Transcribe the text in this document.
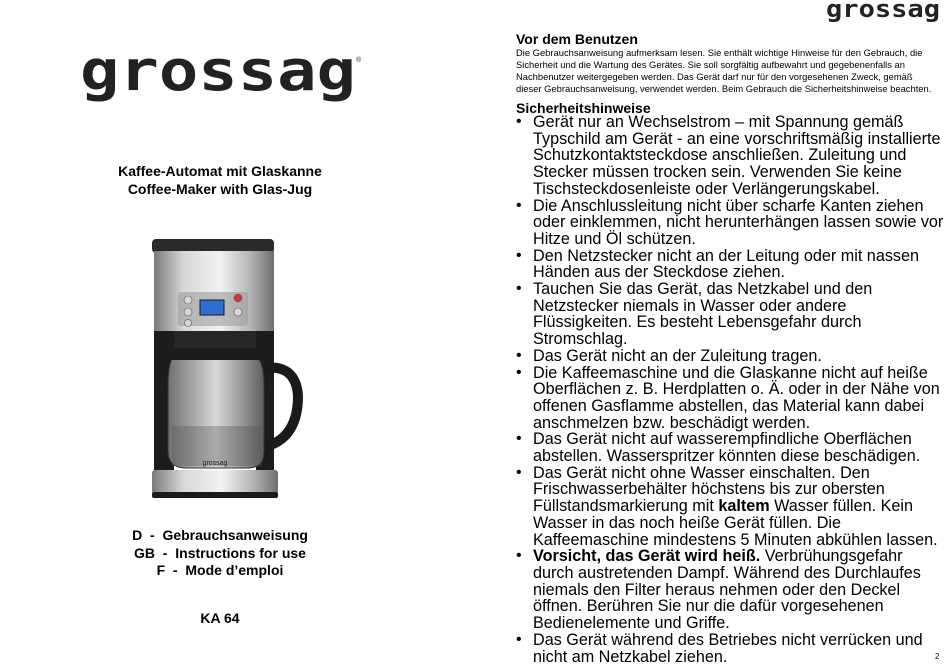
grossag ®
Kaffee-Automat mit Glaskanne
Coffee-Maker with Glas-Jug
grossag
D  -  Gebrauchsanweisung
GB  -  Instructions for use
F  -  Mode d’emploi
KA 64
grossag
Vor dem Benutzen
Die Gebrauchsanweisung aufmerksam lesen. Sie enthält wichtige Hinweise für den Gebrauch, die Sicherheit und die Wartung des Gerätes. Sie soll sorgfältig aufbewahrt und gegebenenfalls an Nachbenutzer weitergegeben werden. Das Gerät darf nur für den vorgesehenen Zweck, gemäß dieser Gebrauchsanweisung, verwendet werden. Beim Gebrauch die Sicherheitshinweise beachten.
Sicherheitshinweise
• Gerät nur an Wechselstrom – mit Spannung gemäß Typschild am Gerät - an eine vorschriftsmäßig installierte Schutzkontaktsteckdose anschließen. Zuleitung und Stecker müssen trocken sein. Verwenden Sie keine Tischsteckdosenleiste oder Verlängerungskabel.
• Die Anschlussleitung nicht über scharfe Kanten ziehen oder einklemmen, nicht herunterhängen lassen sowie vor Hitze und Öl schützen.
• Den Netzstecker nicht an der Leitung oder mit nassen Händen aus der Steckdose ziehen.
• Tauchen Sie das Gerät, das Netzkabel und den Netzstecker niemals in Wasser oder andere Flüssigkeiten. Es besteht Lebensgefahr durch Stromschlag.
• Das Gerät nicht an der Zuleitung tragen.
• Die Kaffeemaschine und die Glaskanne nicht auf heiße Oberflächen z. B. Herdplatten o. Ä. oder in der Nähe von offenen Gasflamme abstellen, das Material kann dabei anschmelzen bzw. beschädigt werden.
• Das Gerät nicht auf wasserempfindliche Oberflächen abstellen. Wasserspritzer könnten diese beschädigen.
• Das Gerät nicht ohne Wasser einschalten. Den Frischwasserbehälter höchstens bis zur obersten Füllstandsmarkierung mit kaltem Wasser füllen. Kein Wasser in das noch heiße Gerät füllen. Die Kaffeemaschine mindestens 5 Minuten abkühlen lassen.
• Vorsicht, das Gerät wird heiß. Verbrühungsgefahr durch austretenden Dampf. Während des Durchlaufes niemals den Filter heraus nehmen oder den Deckel öffnen. Berühren Sie nur die dafür vorgesehenen Bedienelemente und Griffe.
• Das Gerät während des Betriebes nicht verrücken und nicht am Netzkabel ziehen.	2
